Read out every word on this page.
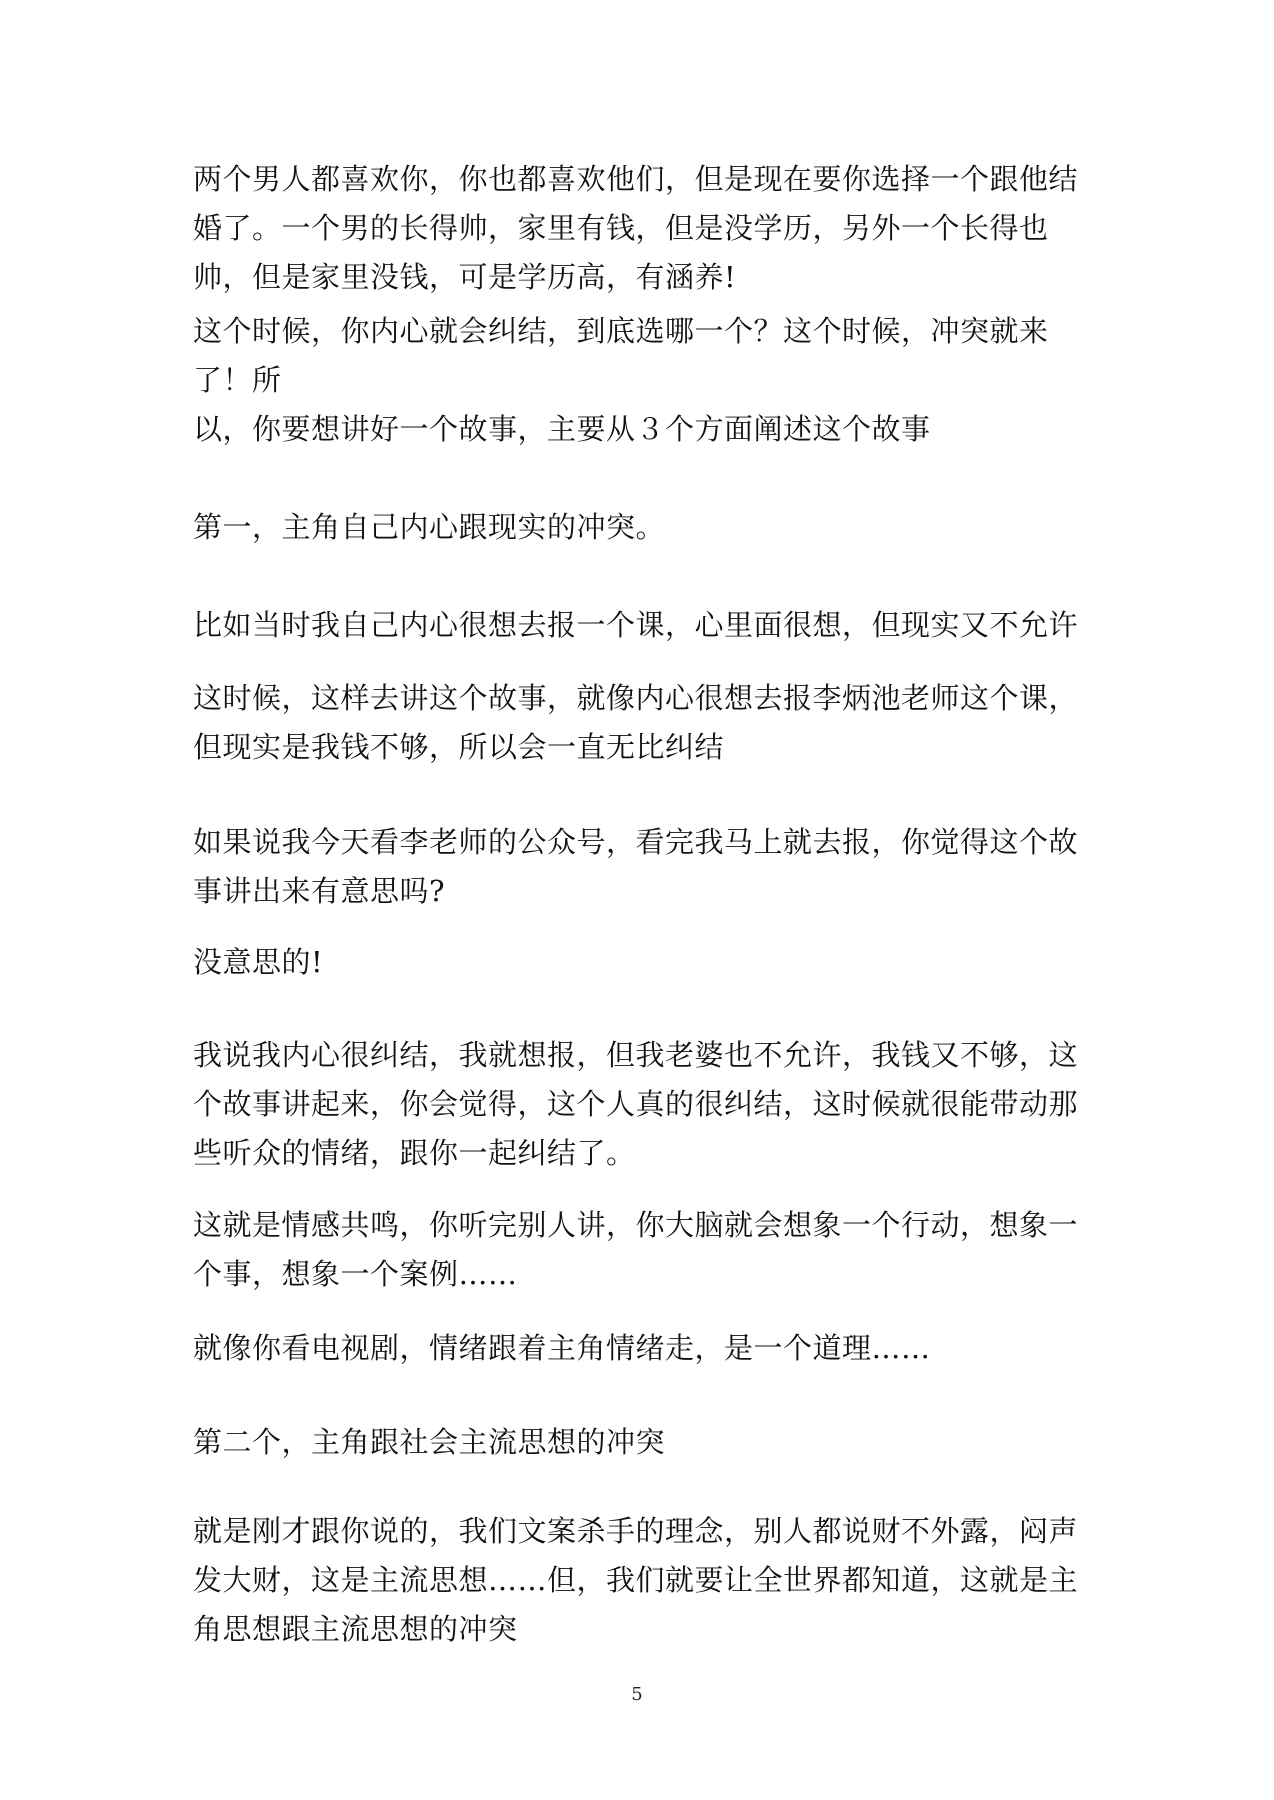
两个男人都喜欢你，你也都喜欢他们，但是现在要你选择一个跟他结婚了。一个男的长得帅，家里有钱，但是没学历，另外一个长得也帅，但是家里没钱，可是学历高，有涵养!

这个时候，你内心就会纠结，到底选哪一个？这个时候，冲突就来了！所

以，你要想讲好一个故事，主要从３个方面阐述这个故事

第一，主角自己内心跟现实的冲突。

比如当时我自己内心很想去报一个课，心里面很想，但现实又不允许

这时候，这样去讲这个故事，就像内心很想去报李炳池老师这个课，但现实是我钱不够，所以会一直无比纠结

如果说我今天看李老师的公众号，看完我马上就去报，你觉得这个故事讲出来有意思吗?

没意思的!

我说我内心很纠结，我就想报，但我老婆也不允许，我钱又不够，这个故事讲起来，你会觉得，这个人真的很纠结，这时候就很能带动那些听众的情绪，跟你一起纠结了。

这就是情感共鸣，你听完别人讲，你大脑就会想象一个行动，想象一个事，想象一个案例……

就像你看电视剧，情绪跟着主角情绪走，是一个道理……

第二个，主角跟社会主流思想的冲突

就是刚才跟你说的，我们文案杀手的理念，别人都说财不外露，闷声发大财，这是主流思想……但，我们就要让全世界都知道，这就是主角思想跟主流思想的冲突

5
